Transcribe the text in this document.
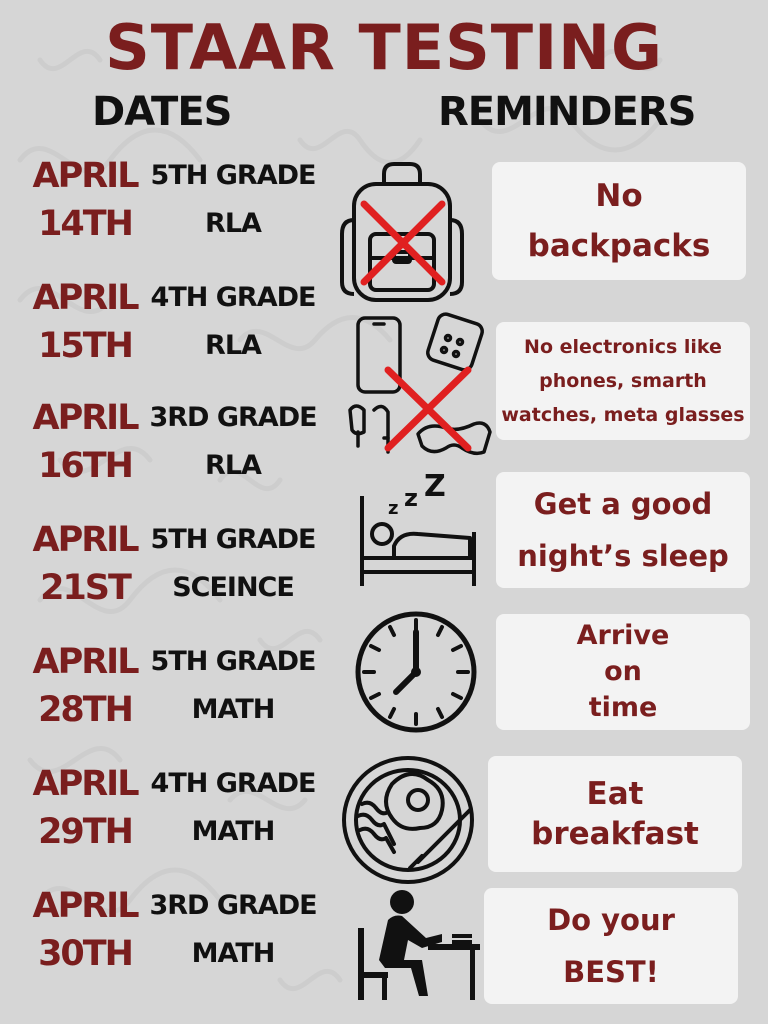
STAAR TESTING
DATES	REMINDERS
APRIL
14TH
5TH GRADE
RLA
APRIL
15TH
4TH GRADE
RLA
APRIL
16TH
3RD GRADE
RLA
APRIL
21ST
5TH GRADE
SCEINCE
APRIL
28TH
5TH GRADE
MATH
APRIL
29TH
4TH GRADE
MATH
APRIL
30TH
3RD GRADE
MATH
z z Z
No
backpacks
No electronics like
phones, smarth
watches, meta glasses
Get a good
night’s sleep
Arrive
on
time
Eat
breakfast
Do your
BEST!
